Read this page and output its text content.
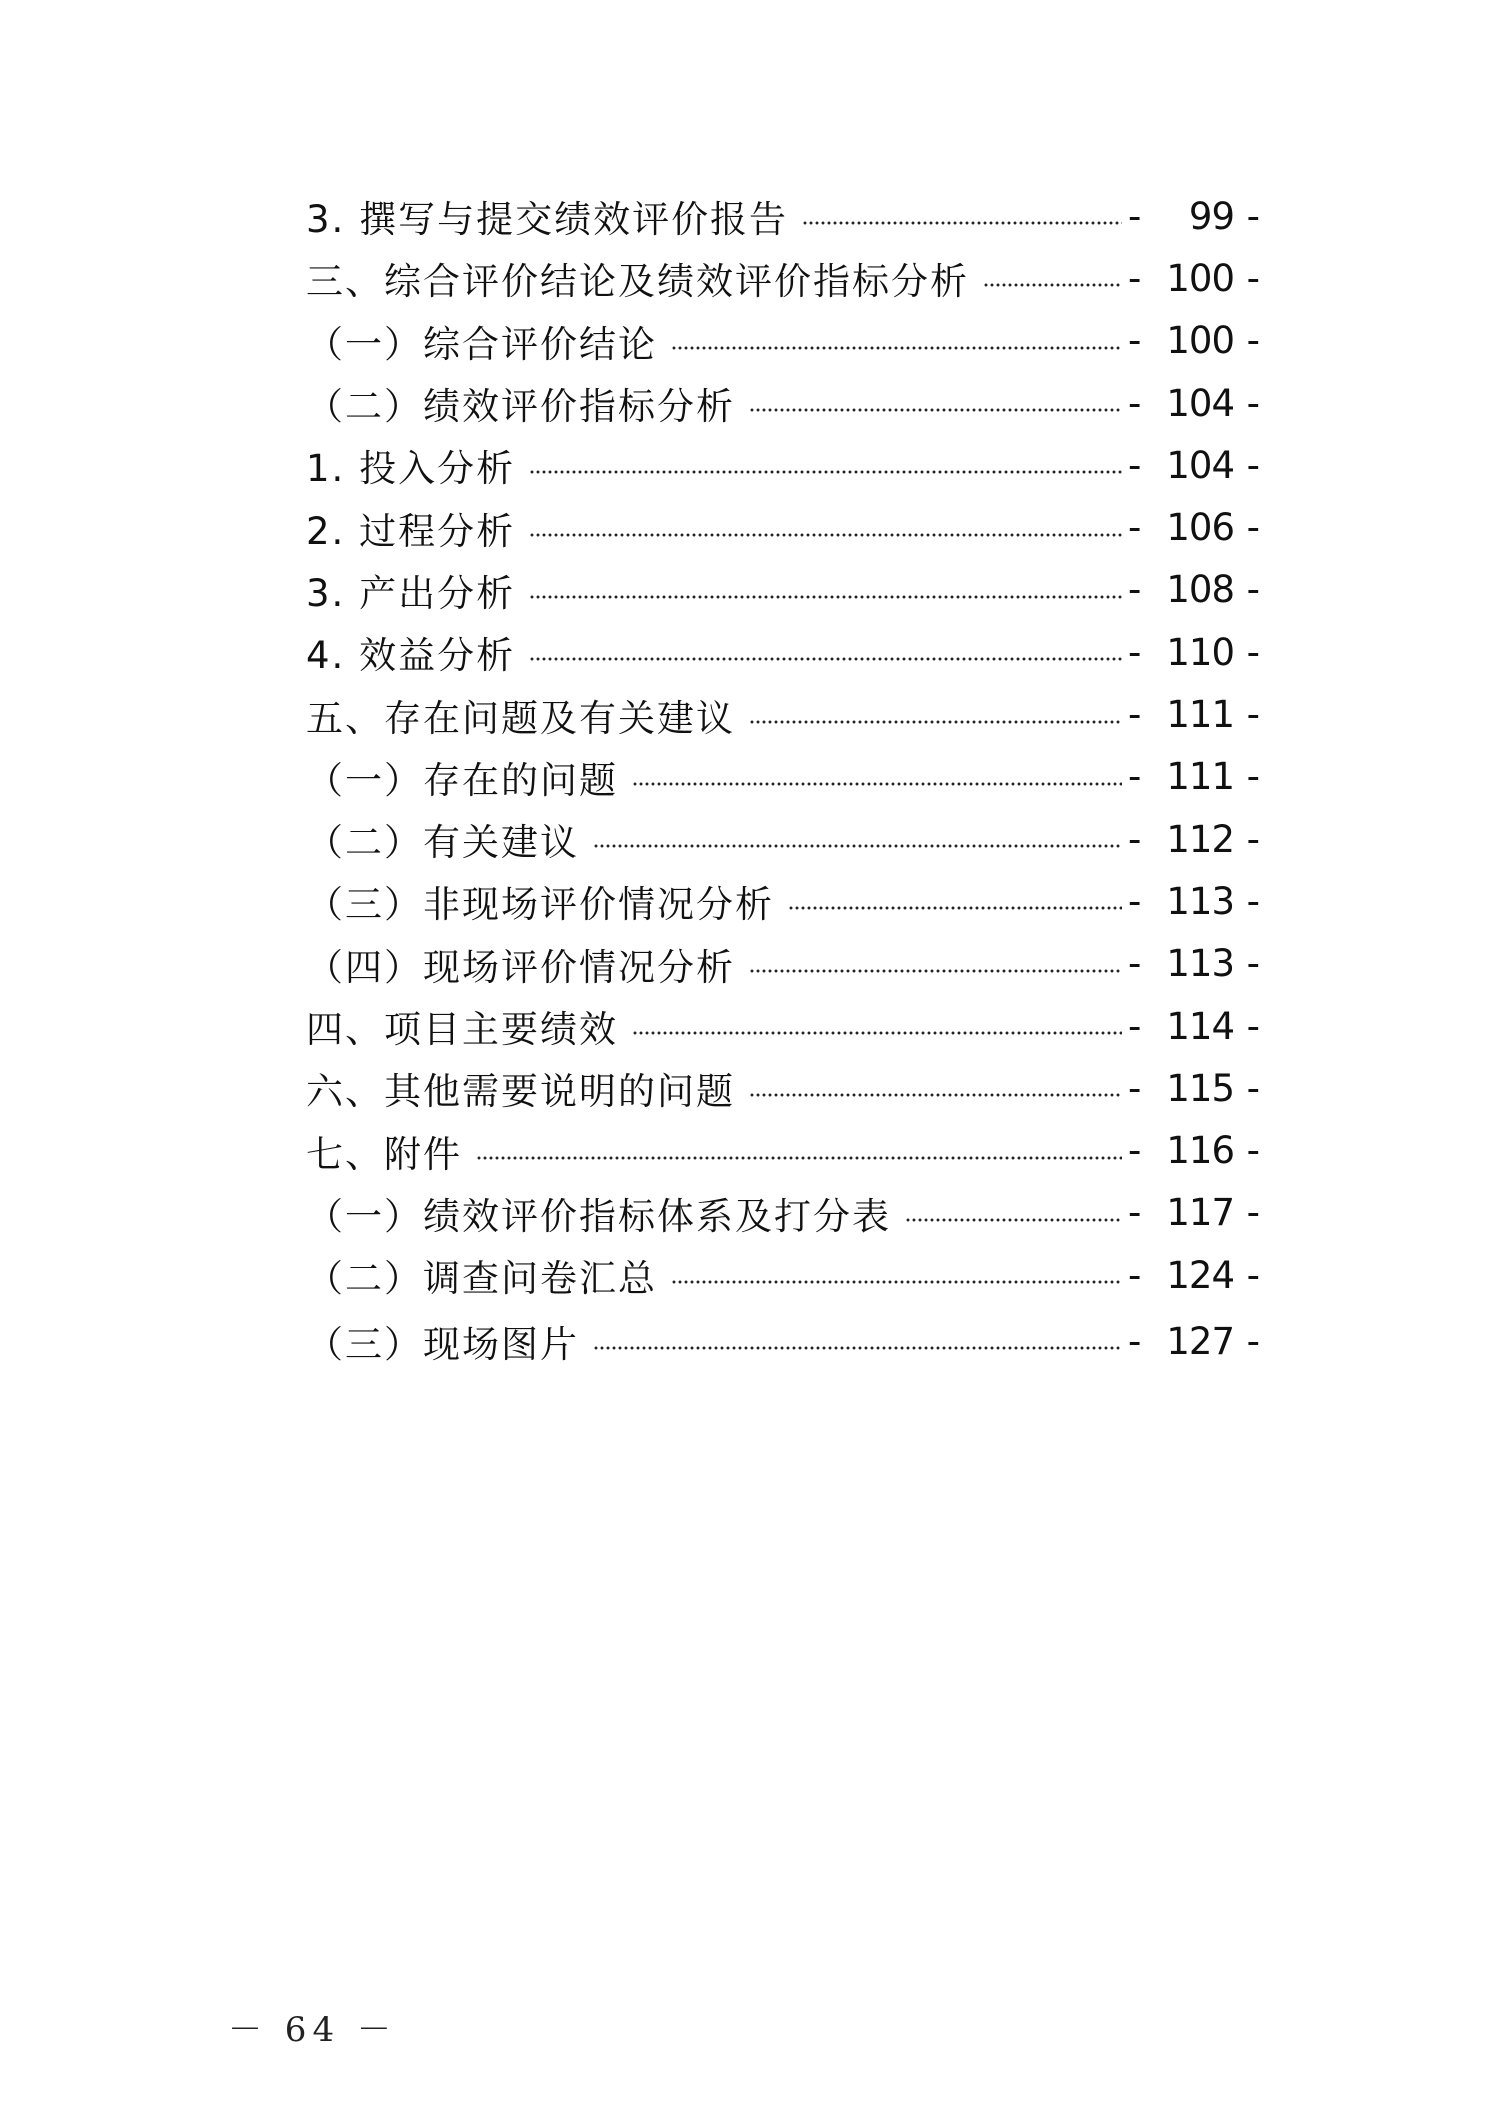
3. 撰写与提交绩效评价报告	-	99 -
三、综合评价结论及绩效评价指标分析	- 100 -
（一）综合评价结论	- 100 -
（二）绩效评价指标分析	- 104 -
1. 投入分析	- 104 -
2. 过程分析	- 106 -
3. 产出分析	- 108 -
4. 效益分析	- 110 -
五、存在问题及有关建议	- 111 -
（一）存在的问题	- 111 -
（二）有关建议	- 112 -
（三）非现场评价情况分析	- 113 -
（四）现场评价情况分析	- 113 -
四、项目主要绩效	- 114 -
六、其他需要说明的问题	- 115 -
七、附件	- 116 -
（一）绩效评价指标体系及打分表	- 117 -
（二）调查问卷汇总	- 124 -
（三）现场图片	- 127 -
－ 64 －
